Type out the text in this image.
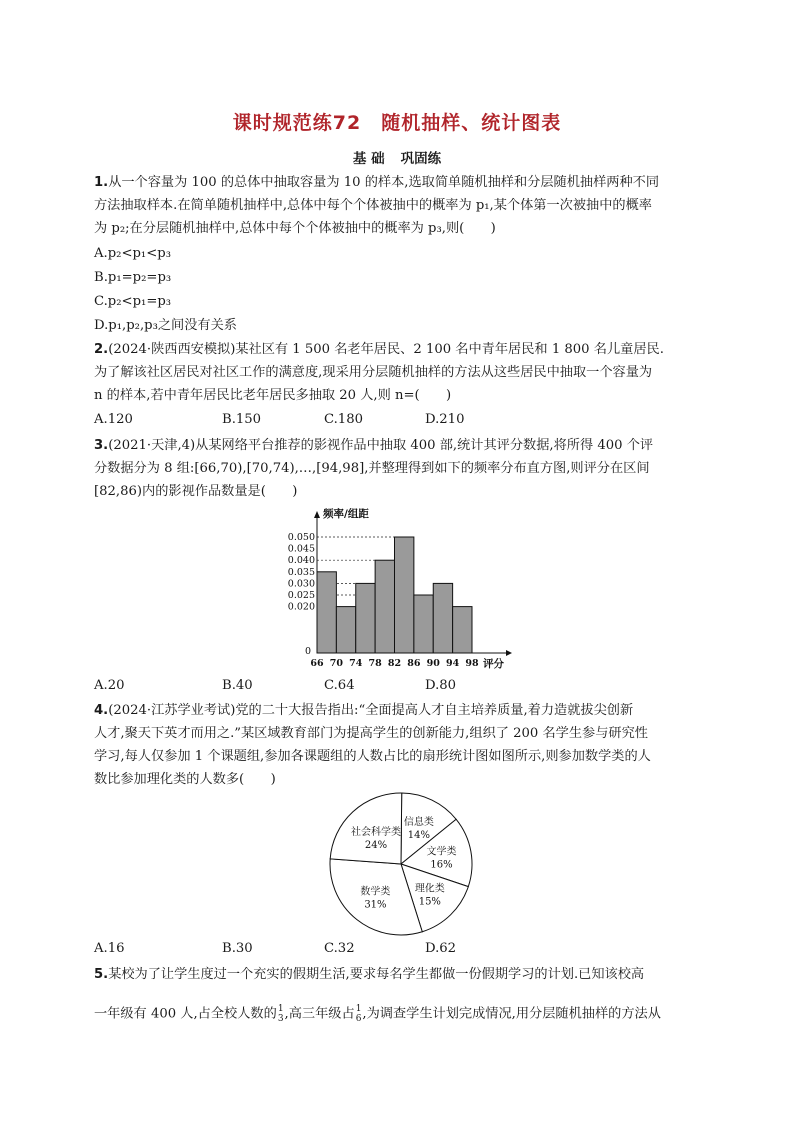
课时规范练72　随机抽样、统计图表
基 础 巩固练
1.从一个容量为 100 的总体中抽取容量为 10 的样本,选取简单随机抽样和分层随机抽样两种不同
方法抽取样本.在简单随机抽样中,总体中每个个体被抽中的概率为 p₁,某个体第一次被抽中的概率
为 p₂;在分层随机抽样中,总体中每个个体被抽中的概率为 p₃,则(　　)
A.p₂<p₁<p₃
B.p₁=p₂=p₃
C.p₂<p₁=p₃
D.p₁,p₂,p₃之间没有关系
2.(2024·陕西西安模拟)某社区有 1 500 名老年居民、2 100 名中青年居民和 1 800 名儿童居民.
为了解该社区居民对社区工作的满意度,现采用分层随机抽样的方法从这些居民中抽取一个容量为
n 的样本,若中青年居民比老年居民多抽取 20 人,则 n=(　　)
A.120	B.150	C.180	D.210
3.(2021·天津,4)从某网络平台推荐的影视作品中抽取 400 部,统计其评分数据,将所得 400 个评
分数据分为 8 组:[66,70),[70,74),…,[94,98],并整理得到如下的频率分布直方图,则评分在区间
[82,86)内的影视作品数量是(　　)
0.050
0.045
0.040
0.035
0.030
0.025
0.020
0
66 70 74 78 82 86 90 94 98
频率/组距
评分
A.20	B.40	C.64	D.80
4.(2024·江苏学业考试)党的二十大报告指出:“全面提高人才自主培养质量,着力造就拔尖创新
人才,聚天下英才而用之.”某区域教育部门为提高学生的创新能力,组织了 200 名学生参与研究性
学习,每人仅参加 1 个课题组,参加各课题组的人数占比的扇形统计图如图所示,则参加数学类的人
数比参加理化类的人数多(　　)
信息类
14%
文学类
16%
理化类
15%
数学类
31%
社会科学类
24%
A.16	B.30	C.32	D.62
5.某校为了让学生度过一个充实的假期生活,要求每名学生都做一份假期学习的计划.已知该校高
一年级有 400 人,占全校人数的 1
3 ,高三年级占 1
6 ,为调查学生计划完成情况,用分层随机抽样的方法从
